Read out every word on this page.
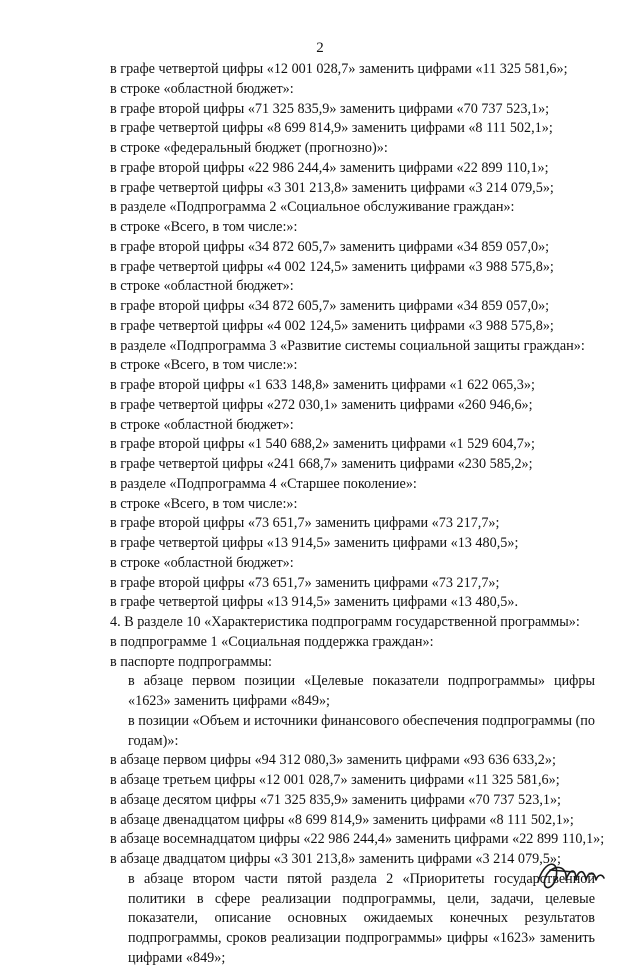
2
в графе четвертой цифры «12 001 028,7» заменить цифрами «11 325 581,6»;
в строке «областной бюджет»:
в графе второй цифры «71 325 835,9» заменить цифрами «70 737 523,1»;
в графе четвертой цифры «8 699 814,9» заменить цифрами «8 111 502,1»;
в строке «федеральный бюджет (прогнозно)»:
в графе второй цифры «22 986 244,4» заменить цифрами «22 899 110,1»;
в графе четвертой цифры «3 301 213,8» заменить цифрами «3 214 079,5»;
в разделе «Подпрограмма 2 «Социальное обслуживание граждан»:
в строке «Всего, в том числе:»:
в графе второй цифры «34 872 605,7» заменить цифрами «34 859 057,0»;
в графе четвертой цифры «4 002 124,5» заменить цифрами «3 988 575,8»;
в строке «областной бюджет»:
в графе второй цифры «34 872 605,7» заменить цифрами «34 859 057,0»;
в графе четвертой цифры «4 002 124,5» заменить цифрами «3 988 575,8»;
в разделе «Подпрограмма 3 «Развитие системы социальной защиты граждан»:
в строке «Всего, в том числе:»:
в графе второй цифры «1 633 148,8» заменить цифрами «1 622 065,3»;
в графе четвертой цифры «272 030,1» заменить цифрами «260 946,6»;
в строке «областной бюджет»:
в графе второй цифры «1 540 688,2» заменить цифрами «1 529 604,7»;
в графе четвертой цифры «241 668,7» заменить цифрами «230 585,2»;
в разделе «Подпрограмма 4 «Старшее поколение»:
в строке «Всего, в том числе:»:
в графе второй цифры «73 651,7» заменить цифрами «73 217,7»;
в графе четвертой цифры «13 914,5» заменить цифрами «13 480,5»;
в строке «областной бюджет»:
в графе второй цифры «73 651,7» заменить цифрами «73 217,7»;
в графе четвертой цифры «13 914,5» заменить цифрами «13 480,5».
4. В разделе 10 «Характеристика подпрограмм государственной программы»:
в подпрограмме 1 «Социальная поддержка граждан»:
в паспорте подпрограммы:
в абзаце первом позиции «Целевые показатели подпрограммы» цифры «1623» заменить цифрами «849»;
в позиции «Объем и источники финансового обеспечения подпрограммы (по годам)»:
в абзаце первом цифры «94 312 080,3» заменить цифрами «93 636 633,2»;
в абзаце третьем цифры «12 001 028,7» заменить цифрами «11 325 581,6»;
в абзаце десятом цифры «71 325 835,9» заменить цифрами «70 737 523,1»;
в абзаце двенадцатом цифры «8 699 814,9» заменить цифрами «8 111 502,1»;
в абзаце восемнадцатом цифры «22 986 244,4» заменить цифрами «22 899 110,1»;
в абзаце двадцатом цифры «3 301 213,8» заменить цифрами «3 214 079,5»;
в абзаце втором части пятой раздела 2 «Приоритеты государственной политики в сфере реализации подпрограммы, цели, задачи, целевые показатели, описание основных ожидаемых конечных результатов подпрограммы, сроков реализации подпрограммы» цифры «1623» заменить цифрами «849»;
